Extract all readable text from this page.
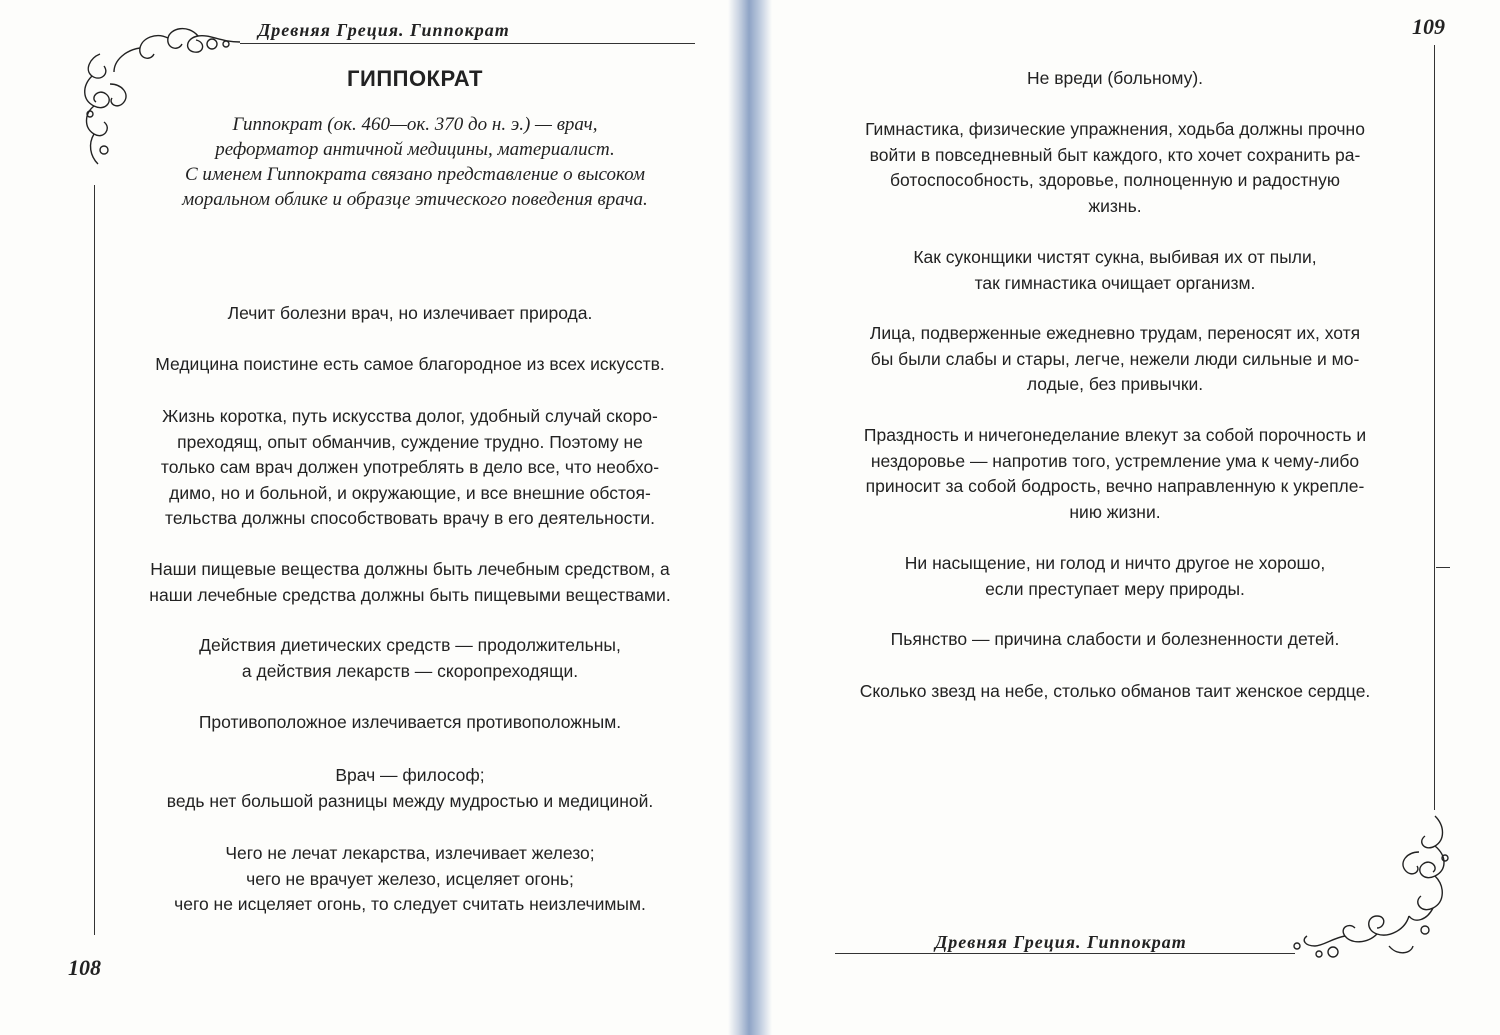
Древняя Греция. Гиппократ
108
109
Древняя Греция. Гиппократ
ГИППОКРАТ
Гиппократ (ок. 460—ок. 370 до н. э.) — врач,
реформатор античной медицины, материалист.
С именем Гиппократа связано представление о высоком
моральном облике и образце этического поведения врача.
Лечит болезни врач, но излечивает природа.
Медицина поистине есть самое благородное из всех искусств.
Жизнь коротка, путь искусства долог, удобный случай скоро-
преходящ, опыт обманчив, суждение трудно. Поэтому не
только сам врач должен употреблять в дело все, что необхо-
димо, но и больной, и окружающие, и все внешние обстоя-
тельства должны способствовать врачу в его деятельности.
Наши пищевые вещества должны быть лечебным средством, а
наши лечебные средства должны быть пищевыми веществами.
Действия диетических средств — продолжительны,
а действия лекарств — скоропреходящи.
Противоположное излечивается противоположным.
Врач — философ;
ведь нет большой разницы между мудростью и медициной.
Чего не лечат лекарства, излечивает железо;
чего не врачует железо, исцеляет огонь;
чего не исцеляет огонь, то следует считать неизлечимым.
Не вреди (больному).
Гимнастика, физические упражнения, ходьба должны прочно
войти в повседневный быт каждого, кто хочет сохранить ра-
ботоспособность, здоровье, полноценную и радостную
жизнь.
Как суконщики чистят сукна, выбивая их от пыли,
так гимнастика очищает организм.
Лица, подверженные ежедневно трудам, переносят их, хотя
бы были слабы и стары, легче, нежели люди сильные и мо-
лодые, без привычки.
Праздность и ничегонеделание влекут за собой порочность и
нездоровье — напротив того, устремление ума к чему-либо
приносит за собой бодрость, вечно направленную к укрепле-
нию жизни.
Ни насыщение, ни голод и ничто другое не хорошо,
если преступает меру природы.
Пьянство — причина слабости и болезненности детей.
Сколько звезд на небе, столько обманов таит женское сердце.
